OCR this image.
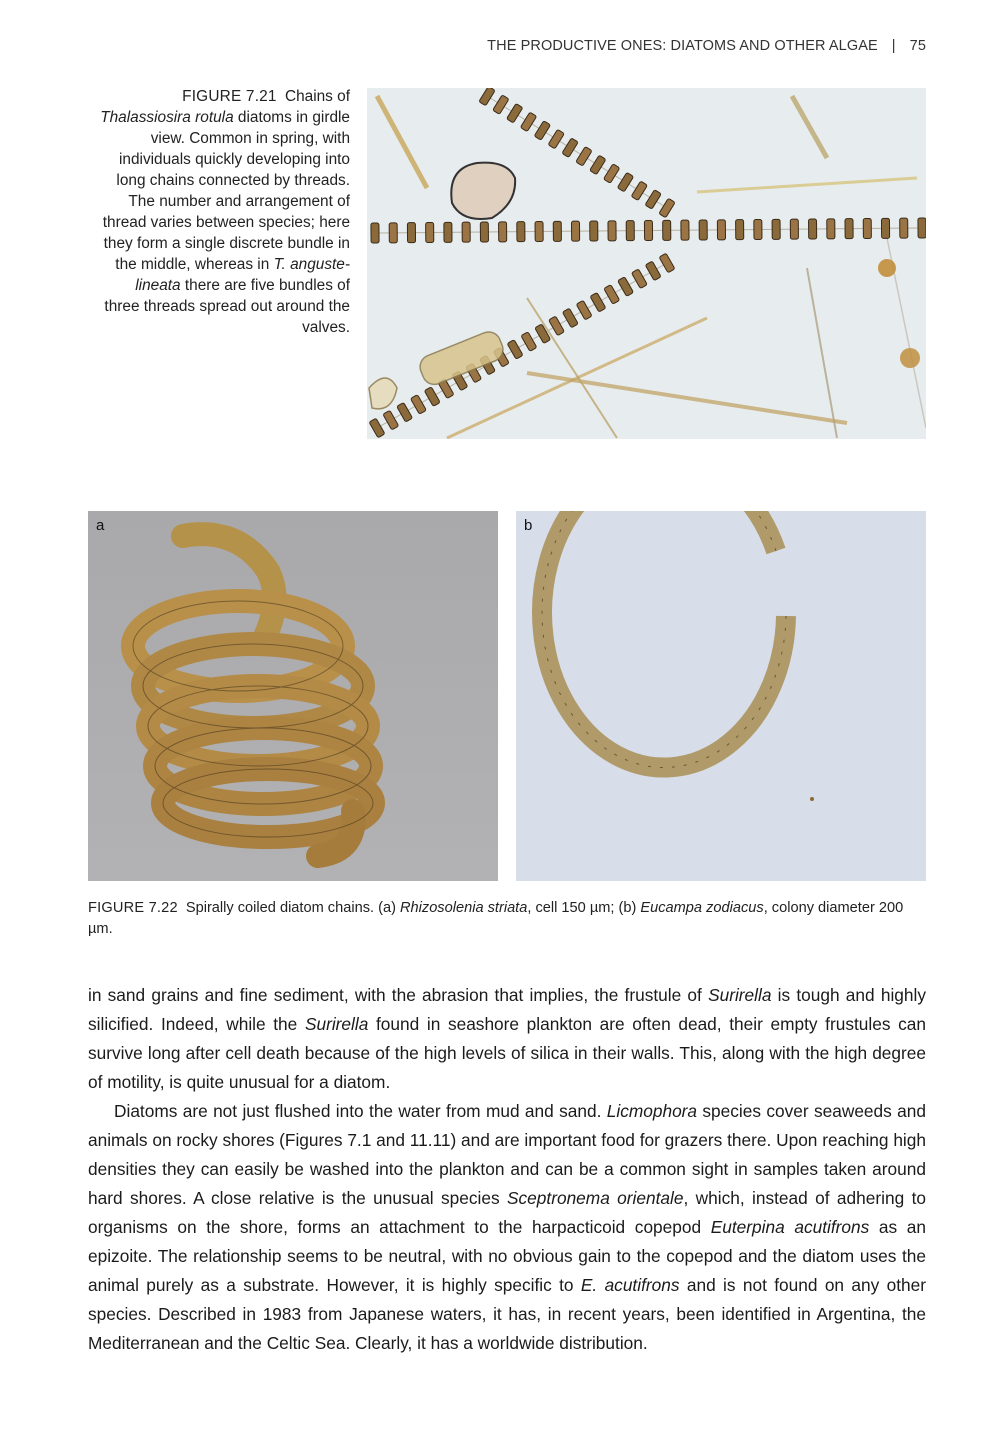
THE PRODUCTIVE ONES: DIATOMS AND OTHER ALGAE | 75
FIGURE 7.21 Chains of Thalassiosira rotula diatoms in girdle view. Common in spring, with individuals quickly developing into long chains connected by threads. The number and arrangement of thread varies between species; here they form a single discrete bundle in the middle, whereas in T. anguste-lineata there are five bundles of three threads spread out around the valves.
a	b
FIGURE 7.22 Spirally coiled diatom chains. (a) Rhizosolenia striata, cell 150 µm; (b) Eucampa zodiacus, colony diameter 200 µm.

in sand grains and fine sediment, with the abrasion that implies, the frustule of Surirella is tough and highly silicified. Indeed, while the Surirella found in seashore plankton are often dead, their empty frustules can survive long after cell death because of the high levels of silica in their walls. This, along with the high degree of motility, is quite unusual for a diatom.

Diatoms are not just flushed into the water from mud and sand. Licmophora species cover seaweeds and animals on rocky shores (Figures 7.1 and 11.11) and are important food for grazers there. Upon reaching high densities they can easily be washed into the plankton and can be a common sight in samples taken around hard shores. A close relative is the unusual species Sceptronema orientale, which, instead of adhering to organisms on the shore, forms an attachment to the harpacticoid copepod Euterpina acutifrons as an epizoite. The relationship seems to be neutral, with no obvious gain to the copepod and the diatom uses the animal purely as a substrate. However, it is highly specific to E. acutifrons and is not found on any other species. Described in 1983 from Japanese waters, it has, in recent years, been identified in Argentina, the Mediterranean and the Celtic Sea. Clearly, it has a worldwide distribution.
